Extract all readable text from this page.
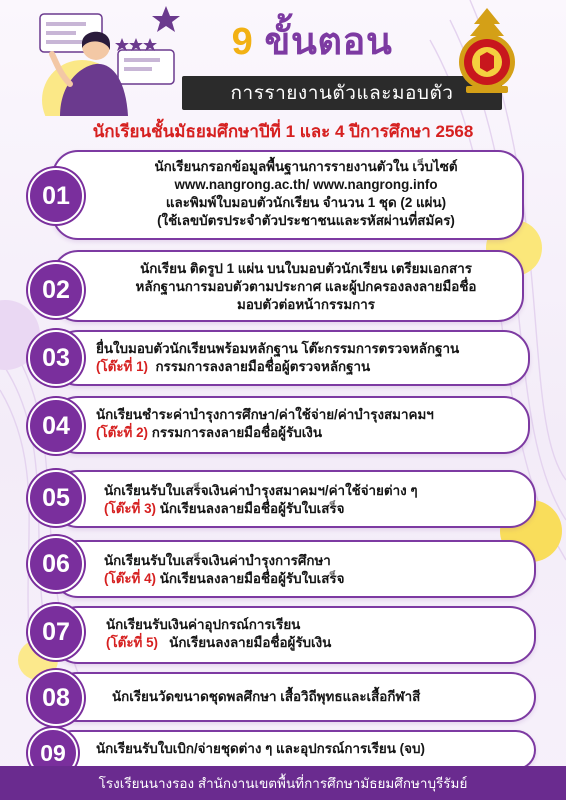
9 ขั้นตอน
การรายงานตัวและมอบตัว
นักเรียนชั้นมัธยมศึกษาปีที่ 1 และ 4 ปีการศึกษา 2568
01
นักเรียนกรอกข้อมูลพื้นฐานการรายงานตัวใน เว็บไซต์
www.nangrong.ac.th/ www.nangrong.info
และพิมพ์ใบมอบตัวนักเรียน จำนวน 1 ชุด (2 แผ่น)
(ใช้เลขบัตรประจำตัวประชาชนและรหัสผ่านที่สมัคร)
02
นักเรียน ติดรูป 1 แผ่น บนใบมอบตัวนักเรียน เตรียมเอกสาร
หลักฐานการมอบตัวตามประกาศ และผู้ปกครองลงลายมือชื่อ
มอบตัวต่อหน้ากรรมการ
03	ยื่นใบมอบตัวนักเรียนพร้อมหลักฐาน โต๊ะกรรมการตรวจหลักฐาน
(โต๊ะที่ 1) กรรมการลงลายมือชื่อผู้ตรวจหลักฐาน
04	นักเรียนชำระค่าบำรุงการศึกษา/ค่าใช้จ่าย/ค่าบำรุงสมาคมฯ
(โต๊ะที่ 2) กรรมการลงลายมือชื่อผู้รับเงิน
05	นักเรียนรับใบเสร็จเงินค่าบำรุงสมาคมฯ/ค่าใช้จ่ายต่าง ๆ
(โต๊ะที่ 3) นักเรียนลงลายมือชื่อผู้รับใบเสร็จ
06	นักเรียนรับใบเสร็จเงินค่าบำรุงการศึกษา
(โต๊ะที่ 4) นักเรียนลงลายมือชื่อผู้รับใบเสร็จ
07	นักเรียนรับเงินค่าอุปกรณ์การเรียน
(โต๊ะที่ 5) นักเรียนลงลายมือชื่อผู้รับเงิน
08	นักเรียนวัดขนาดชุดพลศึกษา เสื้อวิถีพุทธและเสื้อกีฬาสี
09	นักเรียนรับใบเบิก/จ่ายชุดต่าง ๆ และอุปกรณ์การเรียน (จบ)
โรงเรียนนางรอง สำนักงานเขตพื้นที่การศึกษามัธยมศึกษาบุรีรัมย์
